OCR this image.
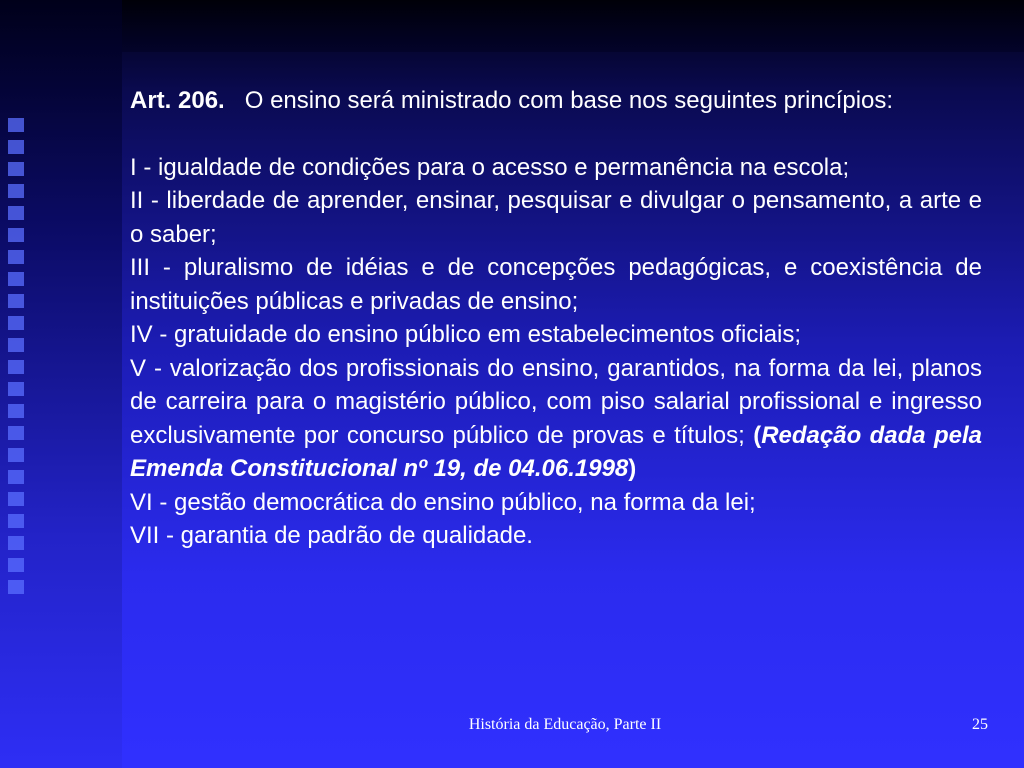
Art. 206. O ensino será ministrado com base nos seguintes princípios:

I - igualdade de condições para o acesso e permanência na escola;

II - liberdade de aprender, ensinar, pesquisar e divulgar o pensamento, a arte e o saber;

III - pluralismo de idéias e de concepções pedagógicas, e coexistência de instituições públicas e privadas de ensino;

IV - gratuidade do ensino público em estabelecimentos oficiais;

V - valorização dos profissionais do ensino, garantidos, na forma da lei, planos de carreira para o magistério público, com piso salarial profissional e ingresso exclusivamente por concurso público de provas e títulos; (Redação dada pela Emenda Constitucional nº 19, de 04.06.1998)

VI - gestão democrática do ensino público, na forma da lei;

VII - garantia de padrão de qualidade.

História da Educação, Parte II	25
